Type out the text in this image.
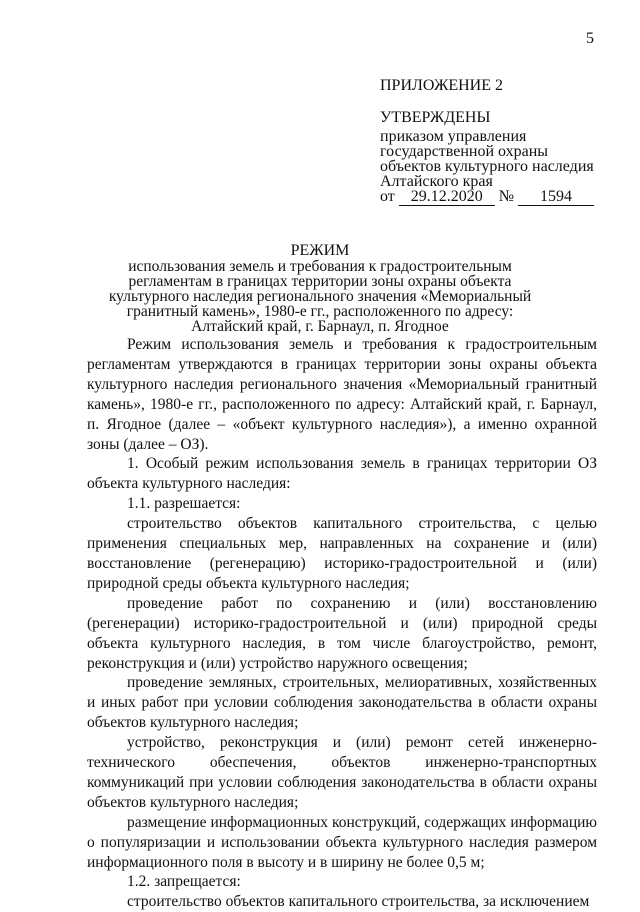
5
ПРИЛОЖЕНИЕ 2
УТВЕРЖДЕНЫ
приказом управления
государственной охраны
объектов культурного наследия
Алтайского края
от 29.12.2020 № 1594
РЕЖИМ
использования земель и требования к градостроительным
регламентам в границах территории зоны охраны объекта
культурного наследия регионального значения «Мемориальный
гранитный камень», 1980-е гг., расположенного по адресу:
Алтайский край, г. Барнаул, п. Ягодное

Режим использования земель и требования к градостроительным регламентам утверждаются в границах территории зоны охраны объекта культурного наследия регионального значения «Мемориальный гранитный камень», 1980-е гг., расположенного по адресу: Алтайский край, г. Барнаул, п. Ягодное (далее – «объект культурного наследия»), а именно охранной зоны (далее – ОЗ).

1. Особый режим использования земель в границах территории ОЗ объекта культурного наследия:

1.1. разрешается:

строительство объектов капитального строительства, с целью применения специальных мер, направленных на сохранение и (или) восстановление (регенерацию) историко-градостроительной и (или) природной среды объекта культурного наследия;

проведение работ по сохранению и (или) восстановлению (регенерации) историко-градостроительной и (или) природной среды объекта культурного наследия, в том числе благоустройство, ремонт, реконструкция и (или) устройство наружного освещения;

проведение земляных, строительных, мелиоративных, хозяйственных и иных работ при условии соблюдения законодательства в области охраны объектов культурного наследия;

устройство, реконструкция и (или) ремонт сетей инженерно-технического обеспечения, объектов инженерно-транспортных коммуникаций при условии соблюдения законодательства в области охраны объектов культурного наследия;

размещение информационных конструкций, содержащих информацию о популяризации и использовании объекта культурного наследия размером информационного поля в высоту и в ширину не более 0,5 м;

1.2. запрещается:

строительство объектов капитального строительства, за исключением
